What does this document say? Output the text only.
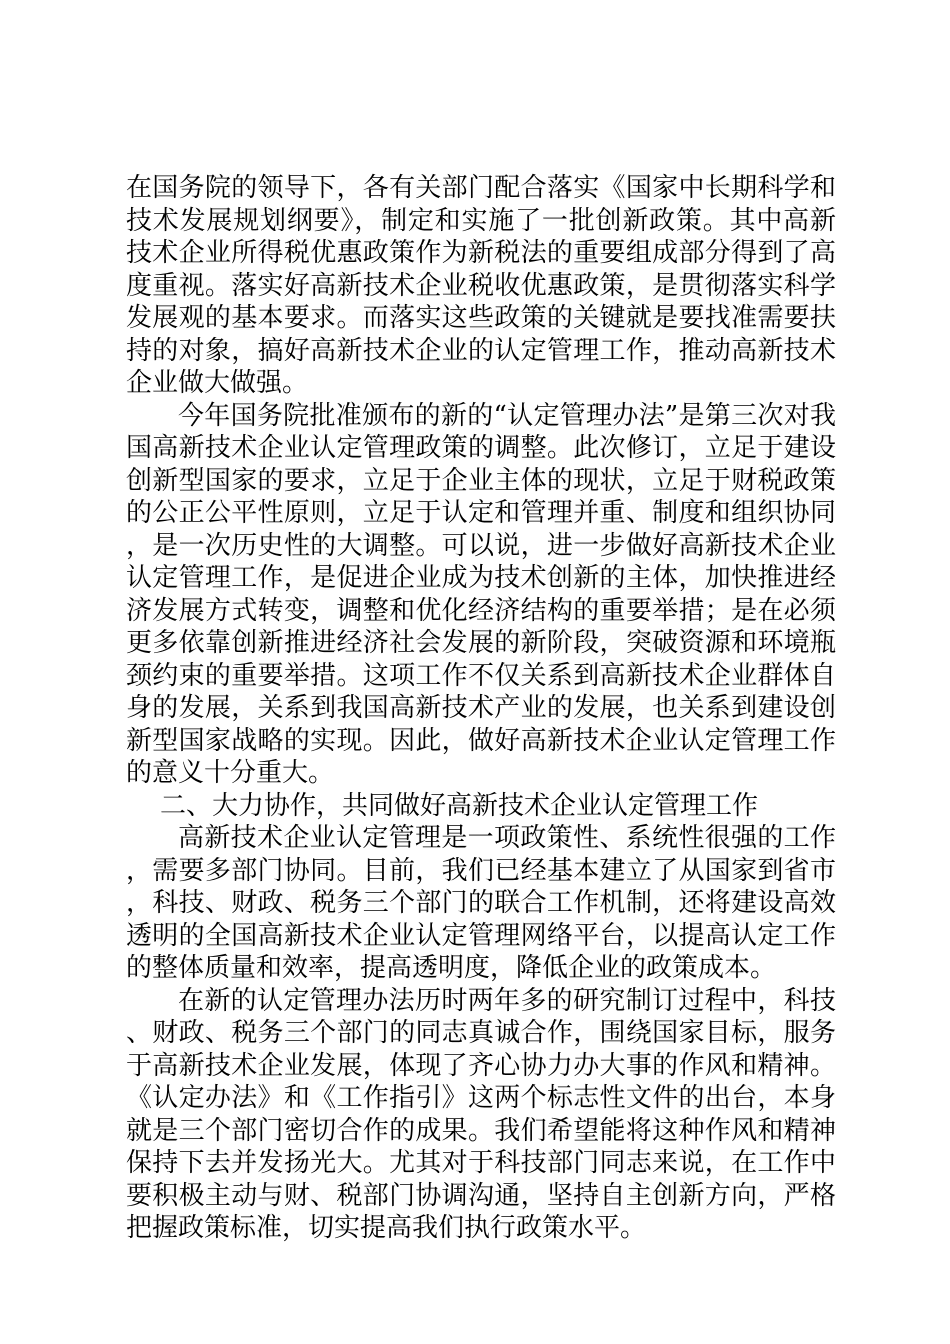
在国务院的领导下，各有关部门配合落实《国家中长期科学和技术发展规划纲要》，制定和实施了一批创新政策。其中高新技术企业所得税优惠政策作为新税法的重要组成部分得到了高度重视。落实好高新技术企业税收优惠政策，是贯彻落实科学发展观的基本要求。而落实这些政策的关键就是要找准需要扶持的对象，搞好高新技术企业的认定管理工作，推动高新技术企业做大做强。

今年国务院批准颁布的新的“认定管理办法”是第三次对我国高新技术企业认定管理政策的调整。此次修订，立足于建设创新型国家的要求，立足于企业主体的现状，立足于财税政策的公正公平性原则，立足于认定和管理并重、制度和组织协同，是一次历史性的大调整。可以说，进一步做好高新技术企业认定管理工作，是促进企业成为技术创新的主体，加快推进经济发展方式转变，调整和优化经济结构的重要举措；是在必须更多依靠创新推进经济社会发展的新阶段，突破资源和环境瓶颈约束的重要举措。这项工作不仅关系到高新技术企业群体自身的发展，关系到我国高新技术产业的发展，也关系到建设创新型国家战略的实现。因此，做好高新技术企业认定管理工作的意义十分重大。

二、大力协作，共同做好高新技术企业认定管理工作

高新技术企业认定管理是一项政策性、系统性很强的工作，需要多部门协同。目前，我们已经基本建立了从国家到省市，科技、财政、税务三个部门的联合工作机制，还将建设高效透明的全国高新技术企业认定管理网络平台，以提高认定工作的整体质量和效率，提高透明度，降低企业的政策成本。

在新的认定管理办法历时两年多的研究制订过程中，科技、财政、税务三个部门的同志真诚合作，围绕国家目标，服务于高新技术企业发展，体现了齐心协力办大事的作风和精神。《认定办法》和《工作指引》这两个标志性文件的出台，本身就是三个部门密切合作的成果。我们希望能将这种作风和精神保持下去并发扬光大。尤其对于科技部门同志来说，在工作中要积极主动与财、税部门协调沟通，坚持自主创新方向，严格把握政策标准，切实提高我们执行政策水平。
